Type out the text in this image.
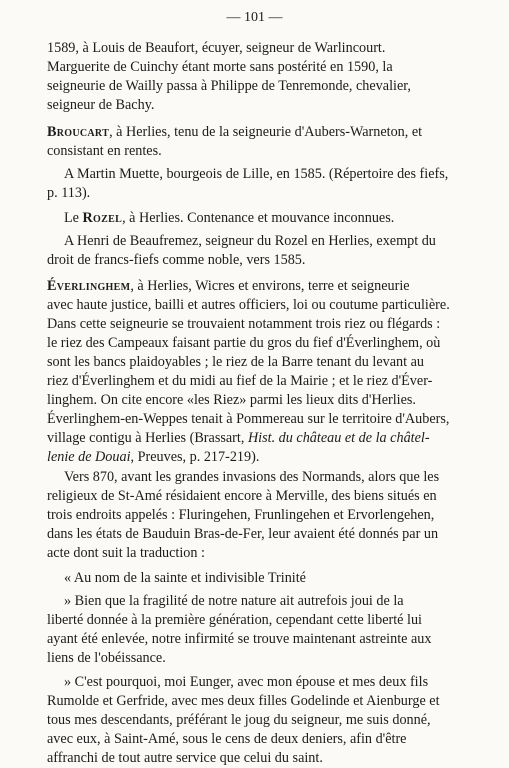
— 101 —
1589, à Louis de Beaufort, écuyer, seigneur de Warlincourt.
Marguerite de Cuinchy étant morte sans postérité en 1590, la
seigneurie de Wailly passa à Philippe de Tenremonde, chevalier,
seigneur de Bachy.
Broucart, à Herlies, tenu de la seigneurie d'Aubers-Warneton, et
consistant en rentes.
A Martin Muette, bourgeois de Lille, en 1585. (Répertoire des fiefs,
p. 113).
Le Rozel, à Herlies. Contenance et mouvance inconnues.
A Henri de Beaufremez, seigneur du Rozel en Herlies, exempt du
droit de francs-fiefs comme noble, vers 1585.
Éverlinghem, à Herlies, Wicres et environs, terre et seigneurie
avec haute justice, bailli et autres officiers, loi ou coutume particulière.
Dans cette seigneurie se trouvaient notamment trois riez ou flégards :
le riez des Campeaux faisant partie du gros du fief d'Éverlinghem, où
sont les bancs plaidoyables ; le riez de la Barre tenant du levant au
riez d'Éverlinghem et du midi au fief de la Mairie ; et le riez d'Éver-
linghem. On cite encore «les Riez» parmi les lieux dits d'Herlies.
Éverlinghem-en-Weppes tenait à Pommereau sur le territoire d'Aubers,
village contigu à Herlies (Brassart, Hist. du château et de la châtel-
lenie de Douai, Preuves, p. 217-219).
Vers 870, avant les grandes invasions des Normands, alors que les
religieux de St-Amé résidaient encore à Merville, des biens situés en
trois endroits appelés : Fluringehen, Frunlingehen et Ervorlengehen,
dans les états de Bauduin Bras-de-Fer, leur avaient été donnés par un
acte dont suit la traduction :
« Au nom de la sainte et indivisible Trinité
» Bien que la fragilité de notre nature ait autrefois joui de la
liberté donnée à la première génération, cependant cette liberté lui
ayant été enlevée, notre infirmité se trouve maintenant astreinte aux
liens de l'obéissance.
» C'est pourquoi, moi Eunger, avec mon épouse et mes deux fils
Rumolde et Gerfride, avec mes deux filles Godelinde et Aienburge et
tous mes descendants, préférant le joug du seigneur, me suis donné,
avec eux, à Saint-Amé, sous le cens de deux deniers, afin d'être
affranchi de tout autre service que celui du saint.
